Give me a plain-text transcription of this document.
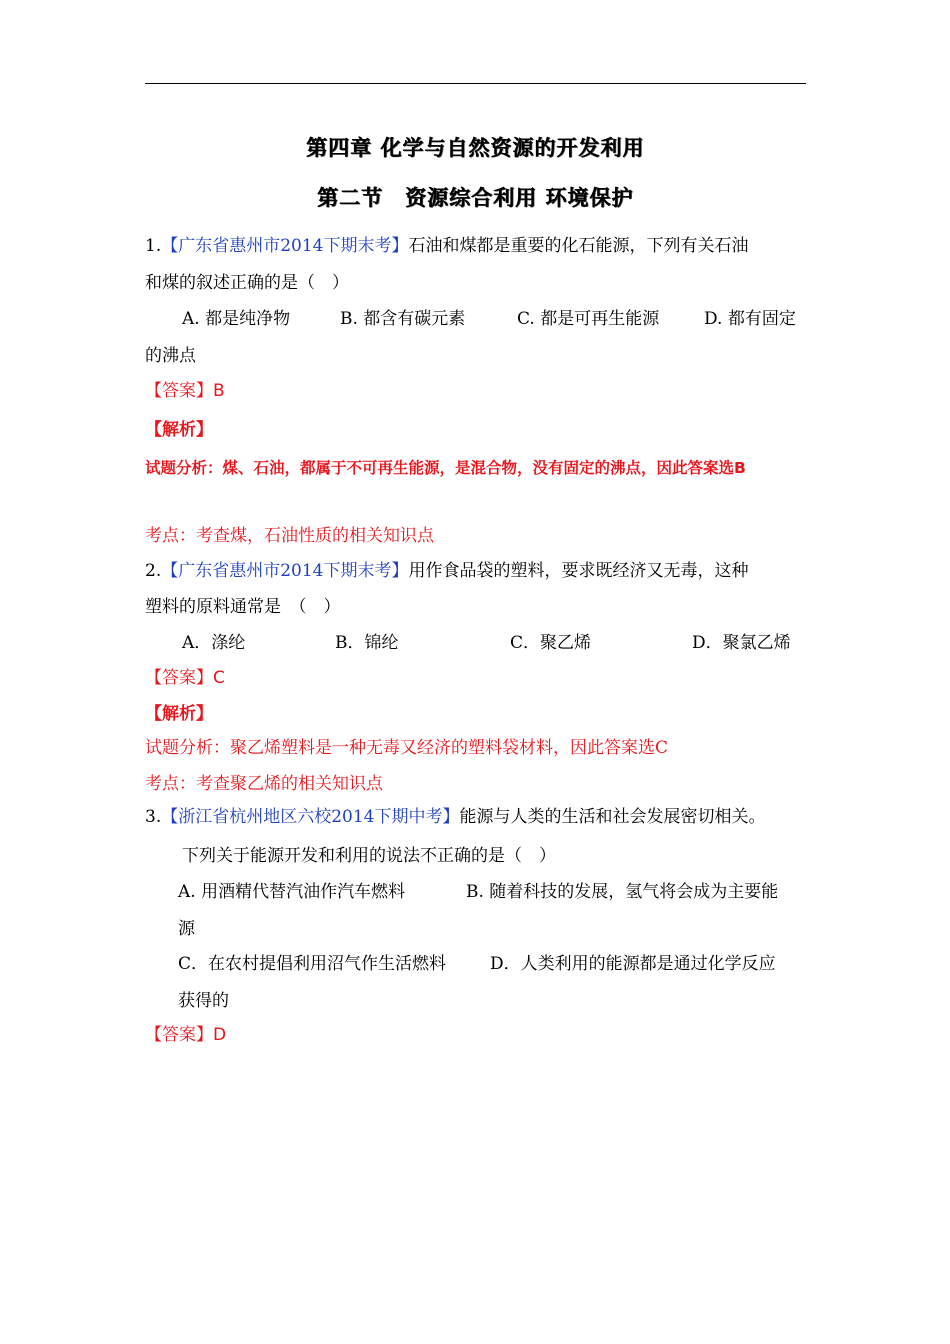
第四章 化学与自然资源的开发利用
第二节　资源综合利用 环境保护
1.【广东省惠州市2014下期末考】石油和煤都是重要的化石能源，下列有关石油
和煤的叙述正确的是（　）
A. 都是纯净物	B. 都含有碳元素	C. 都是可再生能源	D. 都有固定
的沸点
【答案】B
【解析】
试题分析：煤、石油，都属于不可再生能源，是混合物，没有固定的沸点，因此答案选B
考点：考查煤，石油性质的相关知识点
2.【广东省惠州市2014下期末考】用作食品袋的塑料，要求既经济又无毒，这种
塑料的原料通常是　（　）
A．涤纶	B．锦纶	C．聚乙烯	D．聚氯乙烯
【答案】C
【解析】
试题分析：聚乙烯塑料是一种无毒又经济的塑料袋材料，因此答案选C
考点：考查聚乙烯的相关知识点
3.【浙江省杭州地区六校2014下期中考】能源与人类的生活和社会发展密切相关。
下列关于能源开发和利用的说法不正确的是（　）
A. 用酒精代替汽油作汽车燃料	B. 随着科技的发展，氢气将会成为主要能
源
C．在农村提倡利用沼气作生活燃料	D．人类利用的能源都是通过化学反应
获得的
【答案】D
